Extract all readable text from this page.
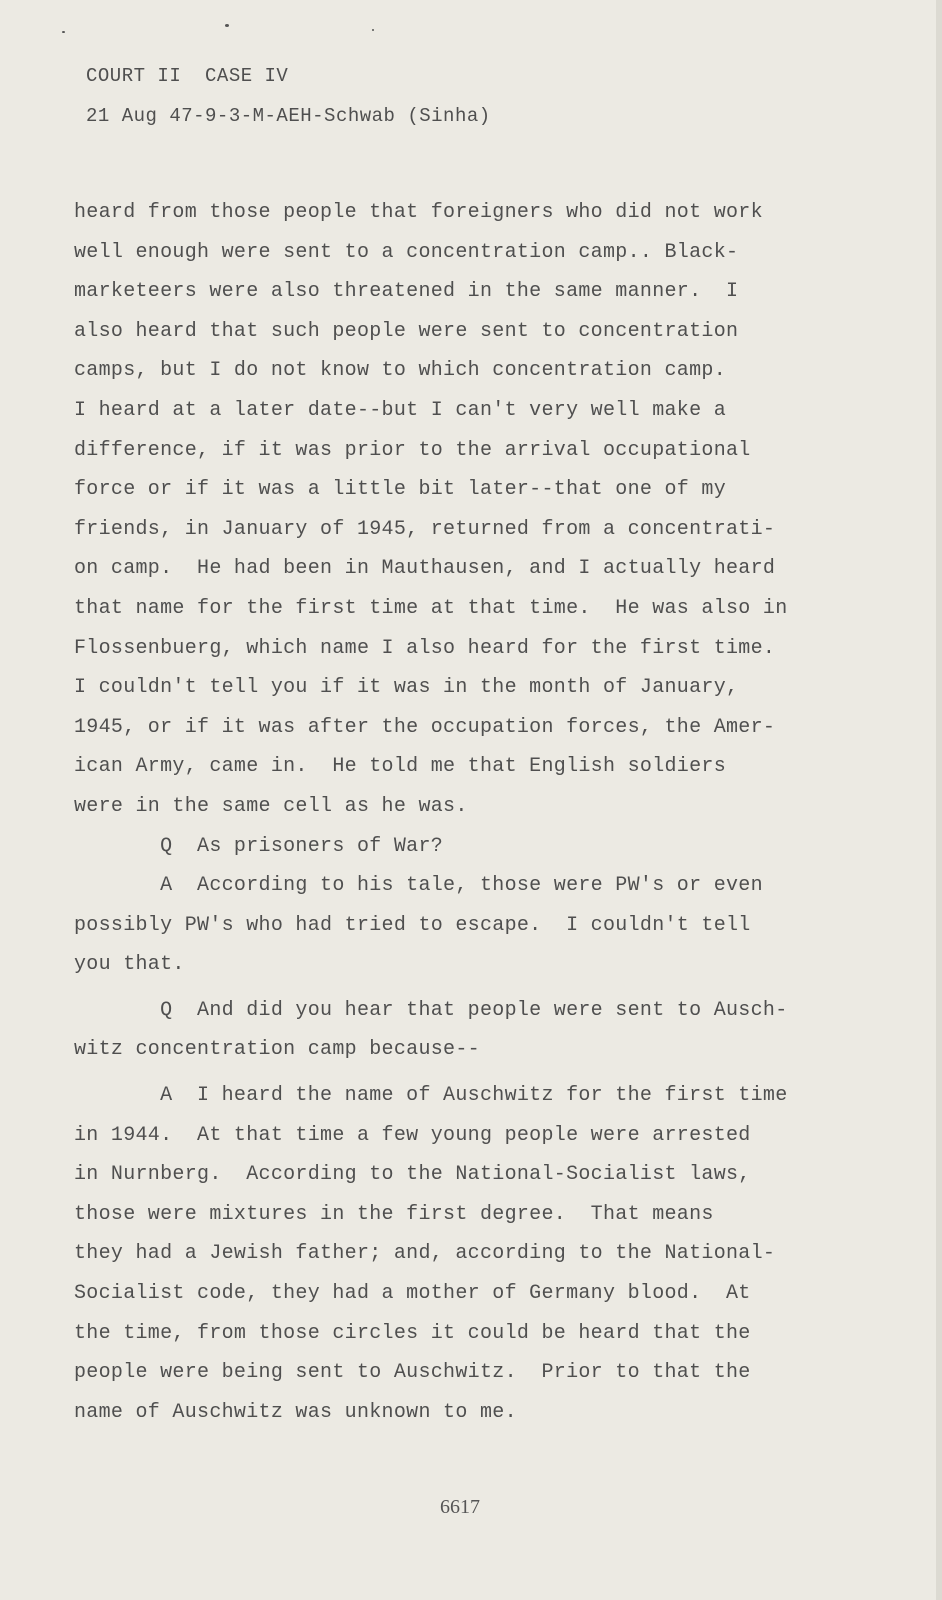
COURT II  CASE IV
21 Aug 47-9-3-M-AEH-Schwab (Sinha)
heard from those people that foreigners who did not work
well enough were sent to a concentration camp.. Black-
marketeers were also threatened in the same manner.  I
also heard that such people were sent to concentration
camps, but I do not know to which concentration camp.
I heard at a later date--but I can't very well make a
difference, if it was prior to the arrival occupational
force or if it was a little bit later--that one of my
friends, in January of 1945, returned from a concentrati-
on camp.  He had been in Mauthausen, and I actually heard
that name for the first time at that time.  He was also in
Flossenbuerg, which name I also heard for the first time.
I couldn't tell you if it was in the month of January,
1945, or if it was after the occupation forces, the Amer-
ican Army, came in.  He told me that English soldiers
were in the same cell as he was.
Q  As prisoners of War?
A  According to his tale, those were PW's or even
possibly PW's who had tried to escape.  I couldn't tell
you that.
Q  And did you hear that people were sent to Ausch-
witz concentration camp because--
A  I heard the name of Auschwitz for the first time
in 1944.  At that time a few young people were arrested
in Nurnberg.  According to the National-Socialist laws,
those were mixtures in the first degree.  That means
they had a Jewish father; and, according to the National-
Socialist code, they had a mother of Germany blood.  At
the time, from those circles it could be heard that the
people were being sent to Auschwitz.  Prior to that the
name of Auschwitz was unknown to me.
6617
